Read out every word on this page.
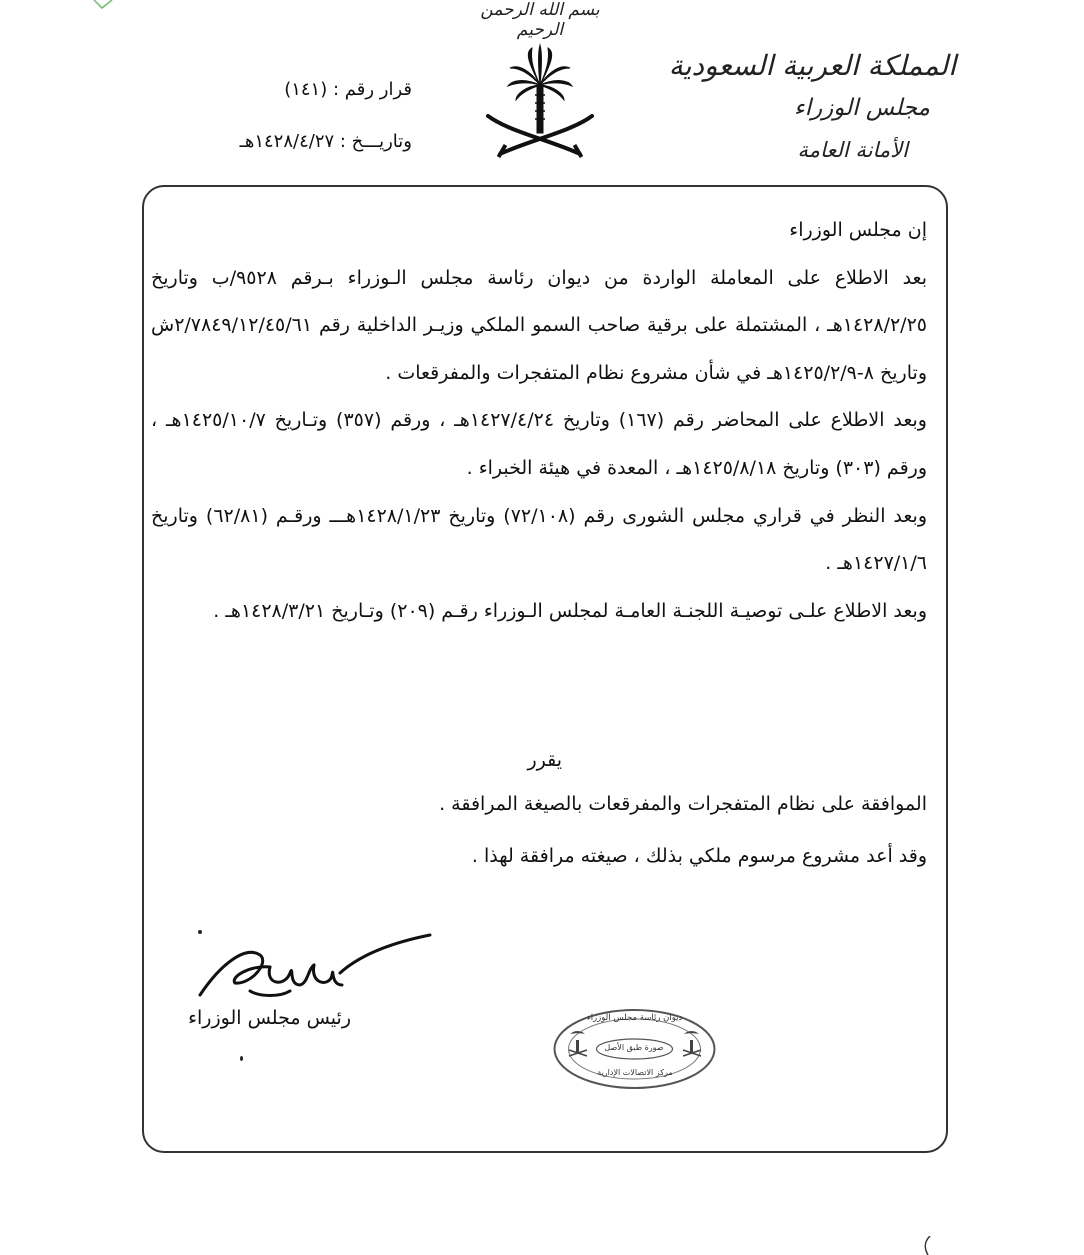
بسم الله الرحمن الرحيم
المملكة العربية السعودية
مجلس الوزراء
الأمانة العامة
قرار رقم : (١٤١)
وتاريـــخ : ١٤٢٨/٤/٢٧هـ

إن مجلس الوزراء

بعد الاطلاع على المعاملة الواردة من ديوان رئاسة مجلس الـوزراء بـرقم ٩٥٢٨/ب وتاريخ ١٤٢٨/٢/٢٥هـ ، المشتملة على برقية صاحب السمو الملكي وزيـر الداخلية رقم ٢/٧٨٤٩/١٢/٤٥/٦١ش وتاريخ ٨-١٤٢٥/٢/٩هـ في شأن مشروع نظام المتفجرات والمفرقعات .

وبعد الاطلاع على المحاضر رقم (١٦٧) وتاريخ ١٤٢٧/٤/٢٤هـ ، ورقم (٣٥٧) وتـاريخ ١٤٢٥/١٠/٧هـ ، ورقم (٣٠٣) وتاريخ ١٤٢٥/٨/١٨هـ ، المعدة في هيئة الخبراء .

وبعد النظر في قراري مجلس الشورى رقم (٧٢/١٠٨) وتاريخ ١٤٢٨/١/٢٣هـــ ورقـم (٦٢/٨١) وتاريخ ١٤٢٧/١/٦هـ .

وبعد الاطلاع علـى توصيـة اللجنـة العامـة لمجلس الـوزراء رقـم (٢٠٩) وتـاريخ ١٤٢٨/٣/٢١هـ .

يقرر
الموافقة على نظام المتفجرات والمفرقعات بالصيغة المرافقة .
وقد أعد مشروع مرسوم ملكي بذلك ، صيغته مرافقة لهذا .
رئيس مجلس الوزراء	ديوان رئاسة مجلس الوزراء
صورة طبق الأصل
مركز الاتصالات الإدارية
